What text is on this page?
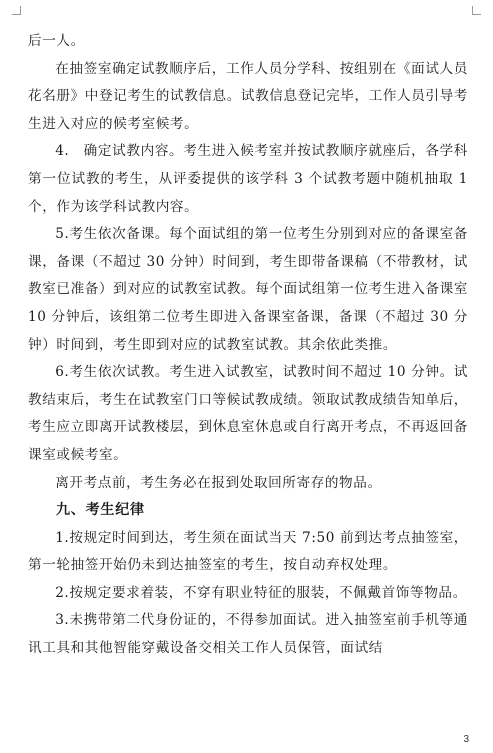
后一人。

在抽签室确定试教顺序后，工作人员分学科、按组别在《面试人员花名册》中登记考生的试教信息。试教信息登记完毕，工作人员引导考生进入对应的候考室候考。

4.　确定试教内容。考生进入候考室并按试教顺序就座后，各学科第一位试教的考生，从评委提供的该学科 3 个试教考题中随机抽取 1 个，作为该学科试教内容。

5.考生依次备课。每个面试组的第一位考生分别到对应的备课室备课，备课（不超过 30 分钟）时间到，考生即带备课稿（不带教材，试教室已准备）到对应的试教室试教。每个面试组第一位考生进入备课室 10 分钟后，该组第二位考生即进入备课室备课，备课（不超过 30 分钟）时间到，考生即到对应的试教室试教。其余依此类推。

6.考生依次试教。考生进入试教室，试教时间不超过 10 分钟。试教结束后，考生在试教室门口等候试教成绩。领取试教成绩告知单后，考生应立即离开试教楼层，到休息室休息或自行离开考点，不再返回备课室或候考室。

离开考点前，考生务必在报到处取回所寄存的物品。

九、考生纪律

1.按规定时间到达，考生须在面试当天 7:50 前到达考点抽签室，第一轮抽签开始仍未到达抽签室的考生，按自动弃权处理。

2.按规定要求着装，不穿有职业特征的服装，不佩戴首饰等物品。

3.未携带第二代身份证的，不得参加面试。进入抽签室前手机等通讯工具和其他智能穿戴设备交相关工作人员保管，面试结

3
